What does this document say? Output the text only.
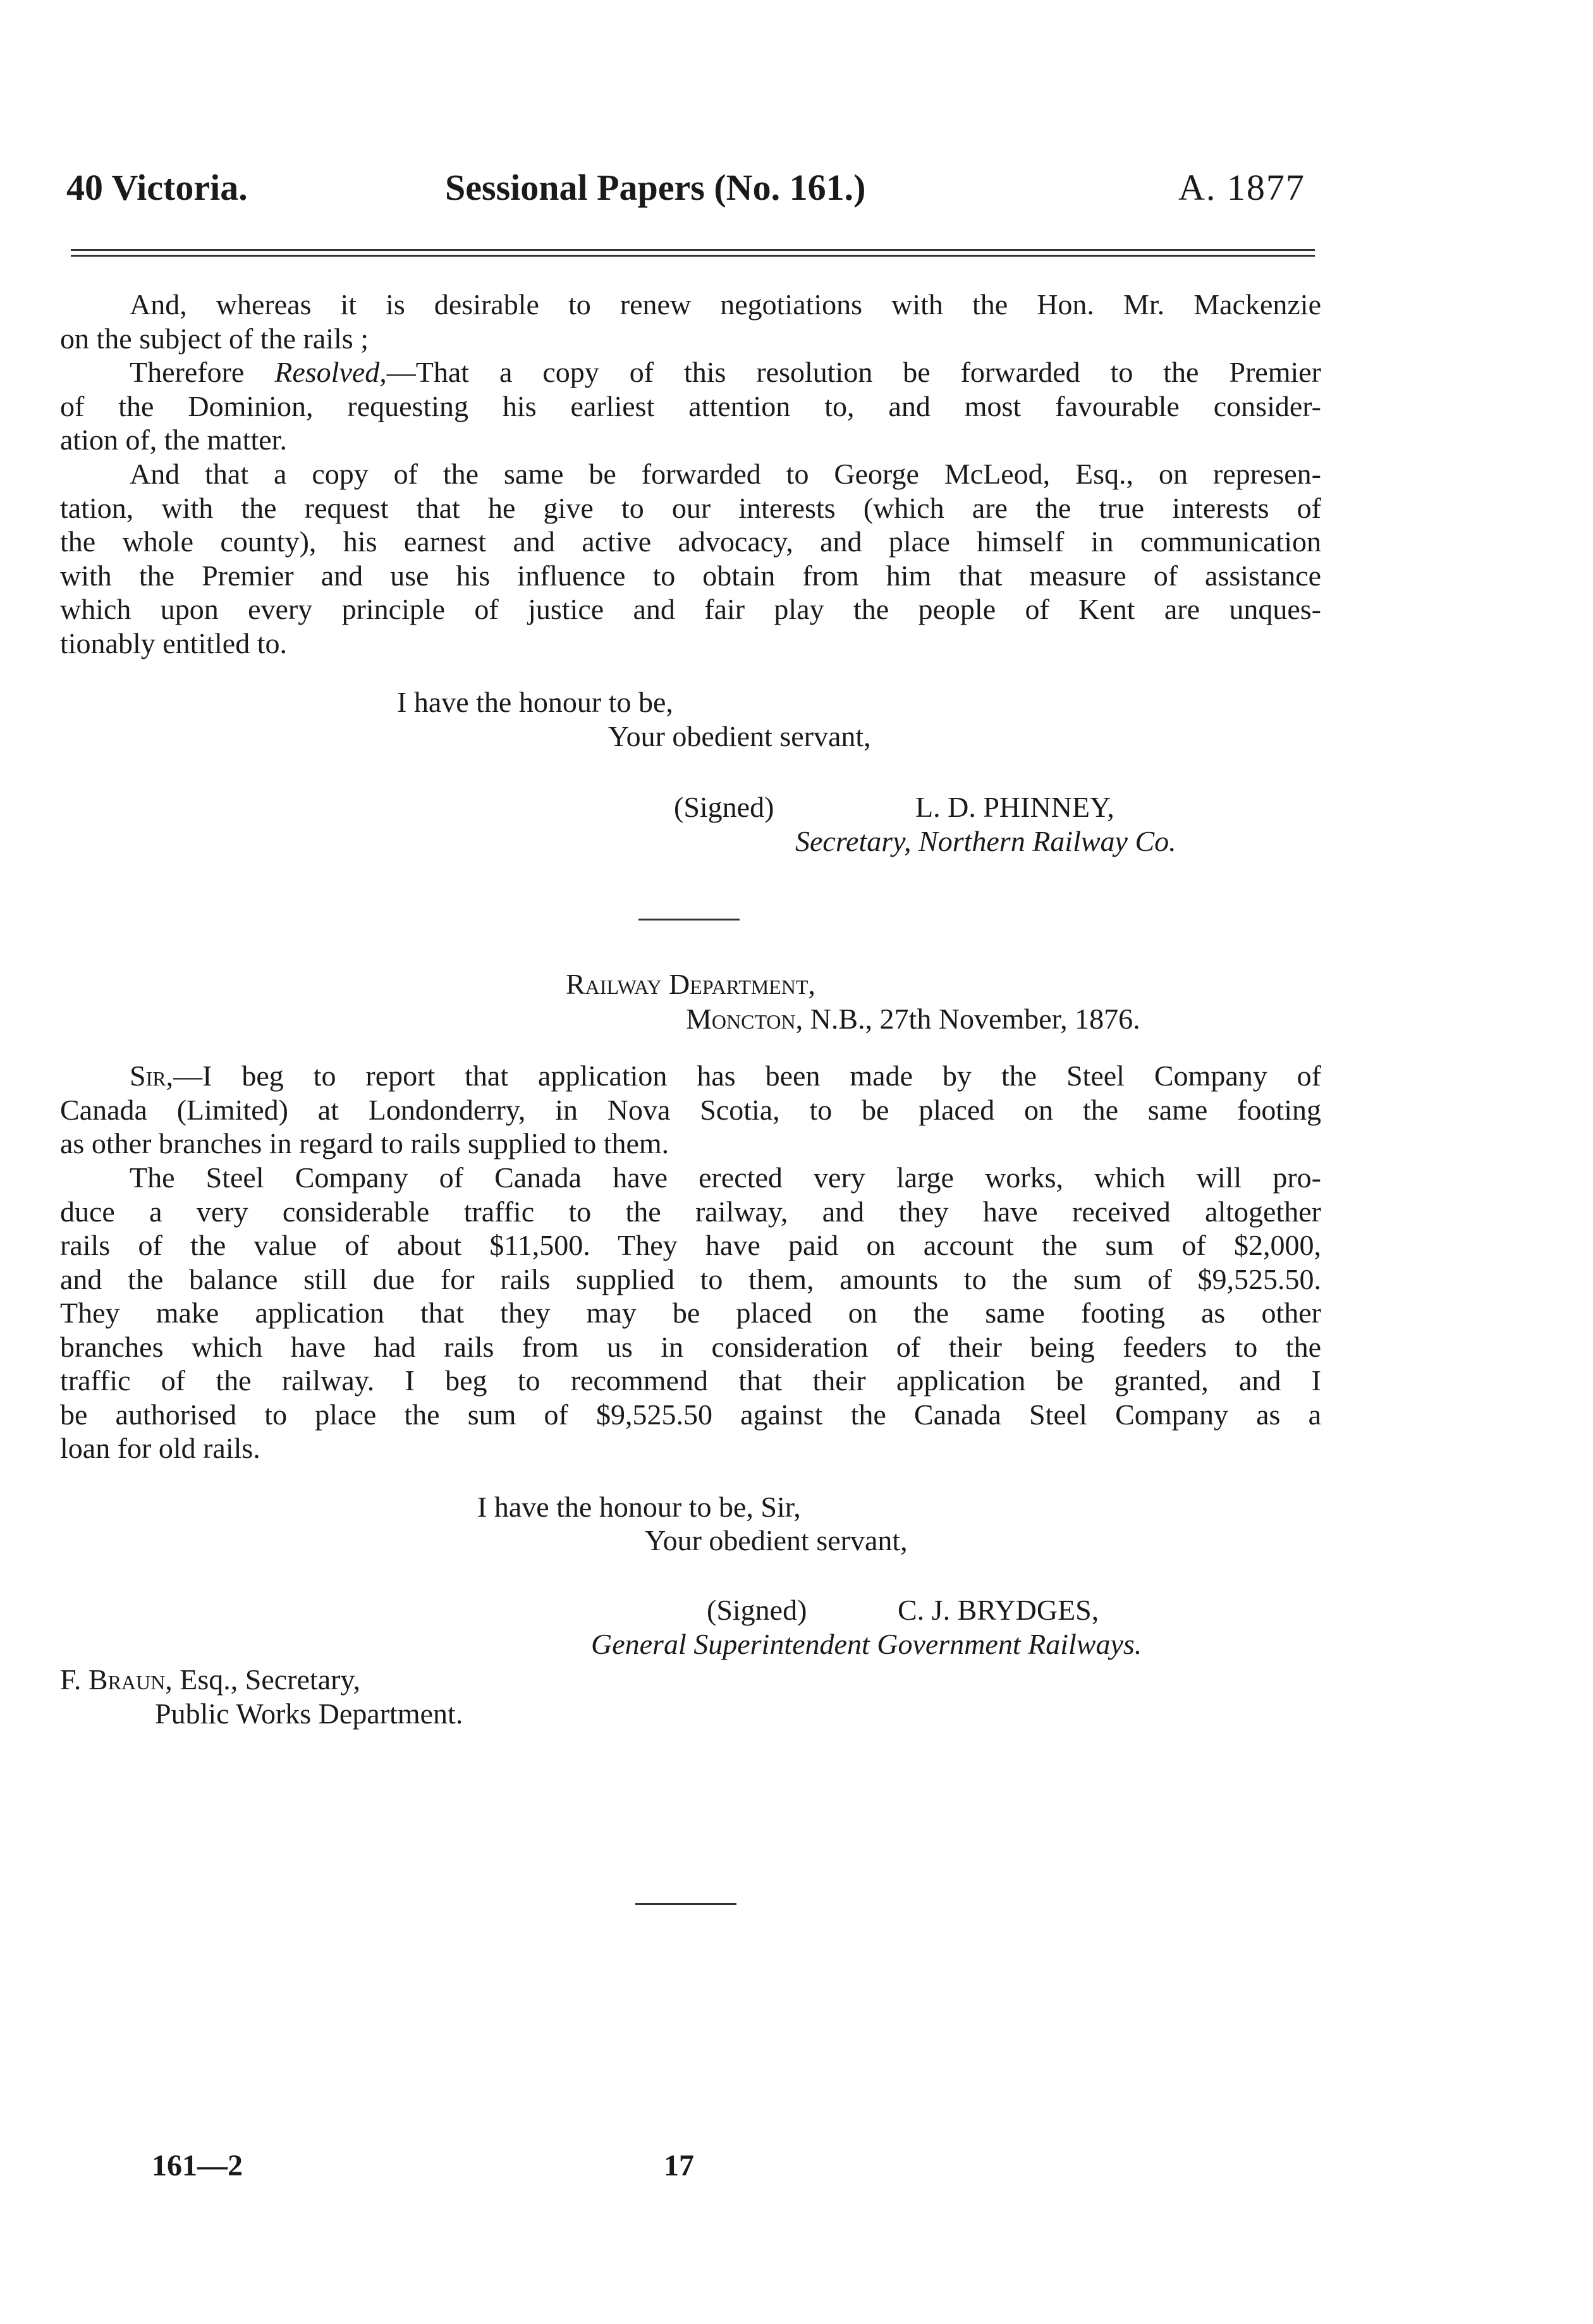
40 Victoria.	Sessional Papers (No. 161.)	A. 1877
And, whereas it is desirable to renew negotiations with the Hon. Mr. Mackenzie
on the subject of the rails ;
Therefore Resolved,—That a copy of this resolution be forwarded to the Premier
of the Dominion, requesting his earliest attention to, and most favourable consider-
ation of, the matter.
And that a copy of the same be forwarded to George McLeod, Esq., on represen-
tation, with the request that he give to our interests (which are the true interests of
the whole county), his earnest and active advocacy, and place himself in communication
with the Premier and use his influence to obtain from him that measure of assistance
which upon every principle of justice and fair play the people of Kent are unques-
tionably entitled to.
I have the honour to be,
Your obedient servant,
(Signed)	L. D. PHINNEY,
Secretary, Northern Railway Co.
Railway Department,
Moncton, N.B., 27th November, 1876.
Sir,—I beg to report that application has been made by the Steel Company of
Canada (Limited) at Londonderry, in Nova Scotia, to be placed on the same footing
as other branches in regard to rails supplied to them.
The Steel Company of Canada have erected very large works, which will pro-
duce a very considerable traffic to the railway, and they have received altogether
rails of the value of about $11,500. They have paid on account the sum of $2,000,
and the balance still due for rails supplied to them, amounts to the sum of $9,525.50.
They make application that they may be placed on the same footing as other
branches which have had rails from us in consideration of their being feeders to the
traffic of the railway. I beg to recommend that their application be granted, and I
be authorised to place the sum of $9,525.50 against the Canada Steel Company as a
loan for old rails.
I have the honour to be, Sir,
Your obedient servant,
(Signed)	C. J. BRYDGES,
General Superintendent Government Railways.
F. Braun, Esq., Secretary,
Public Works Department.
161—2	17
